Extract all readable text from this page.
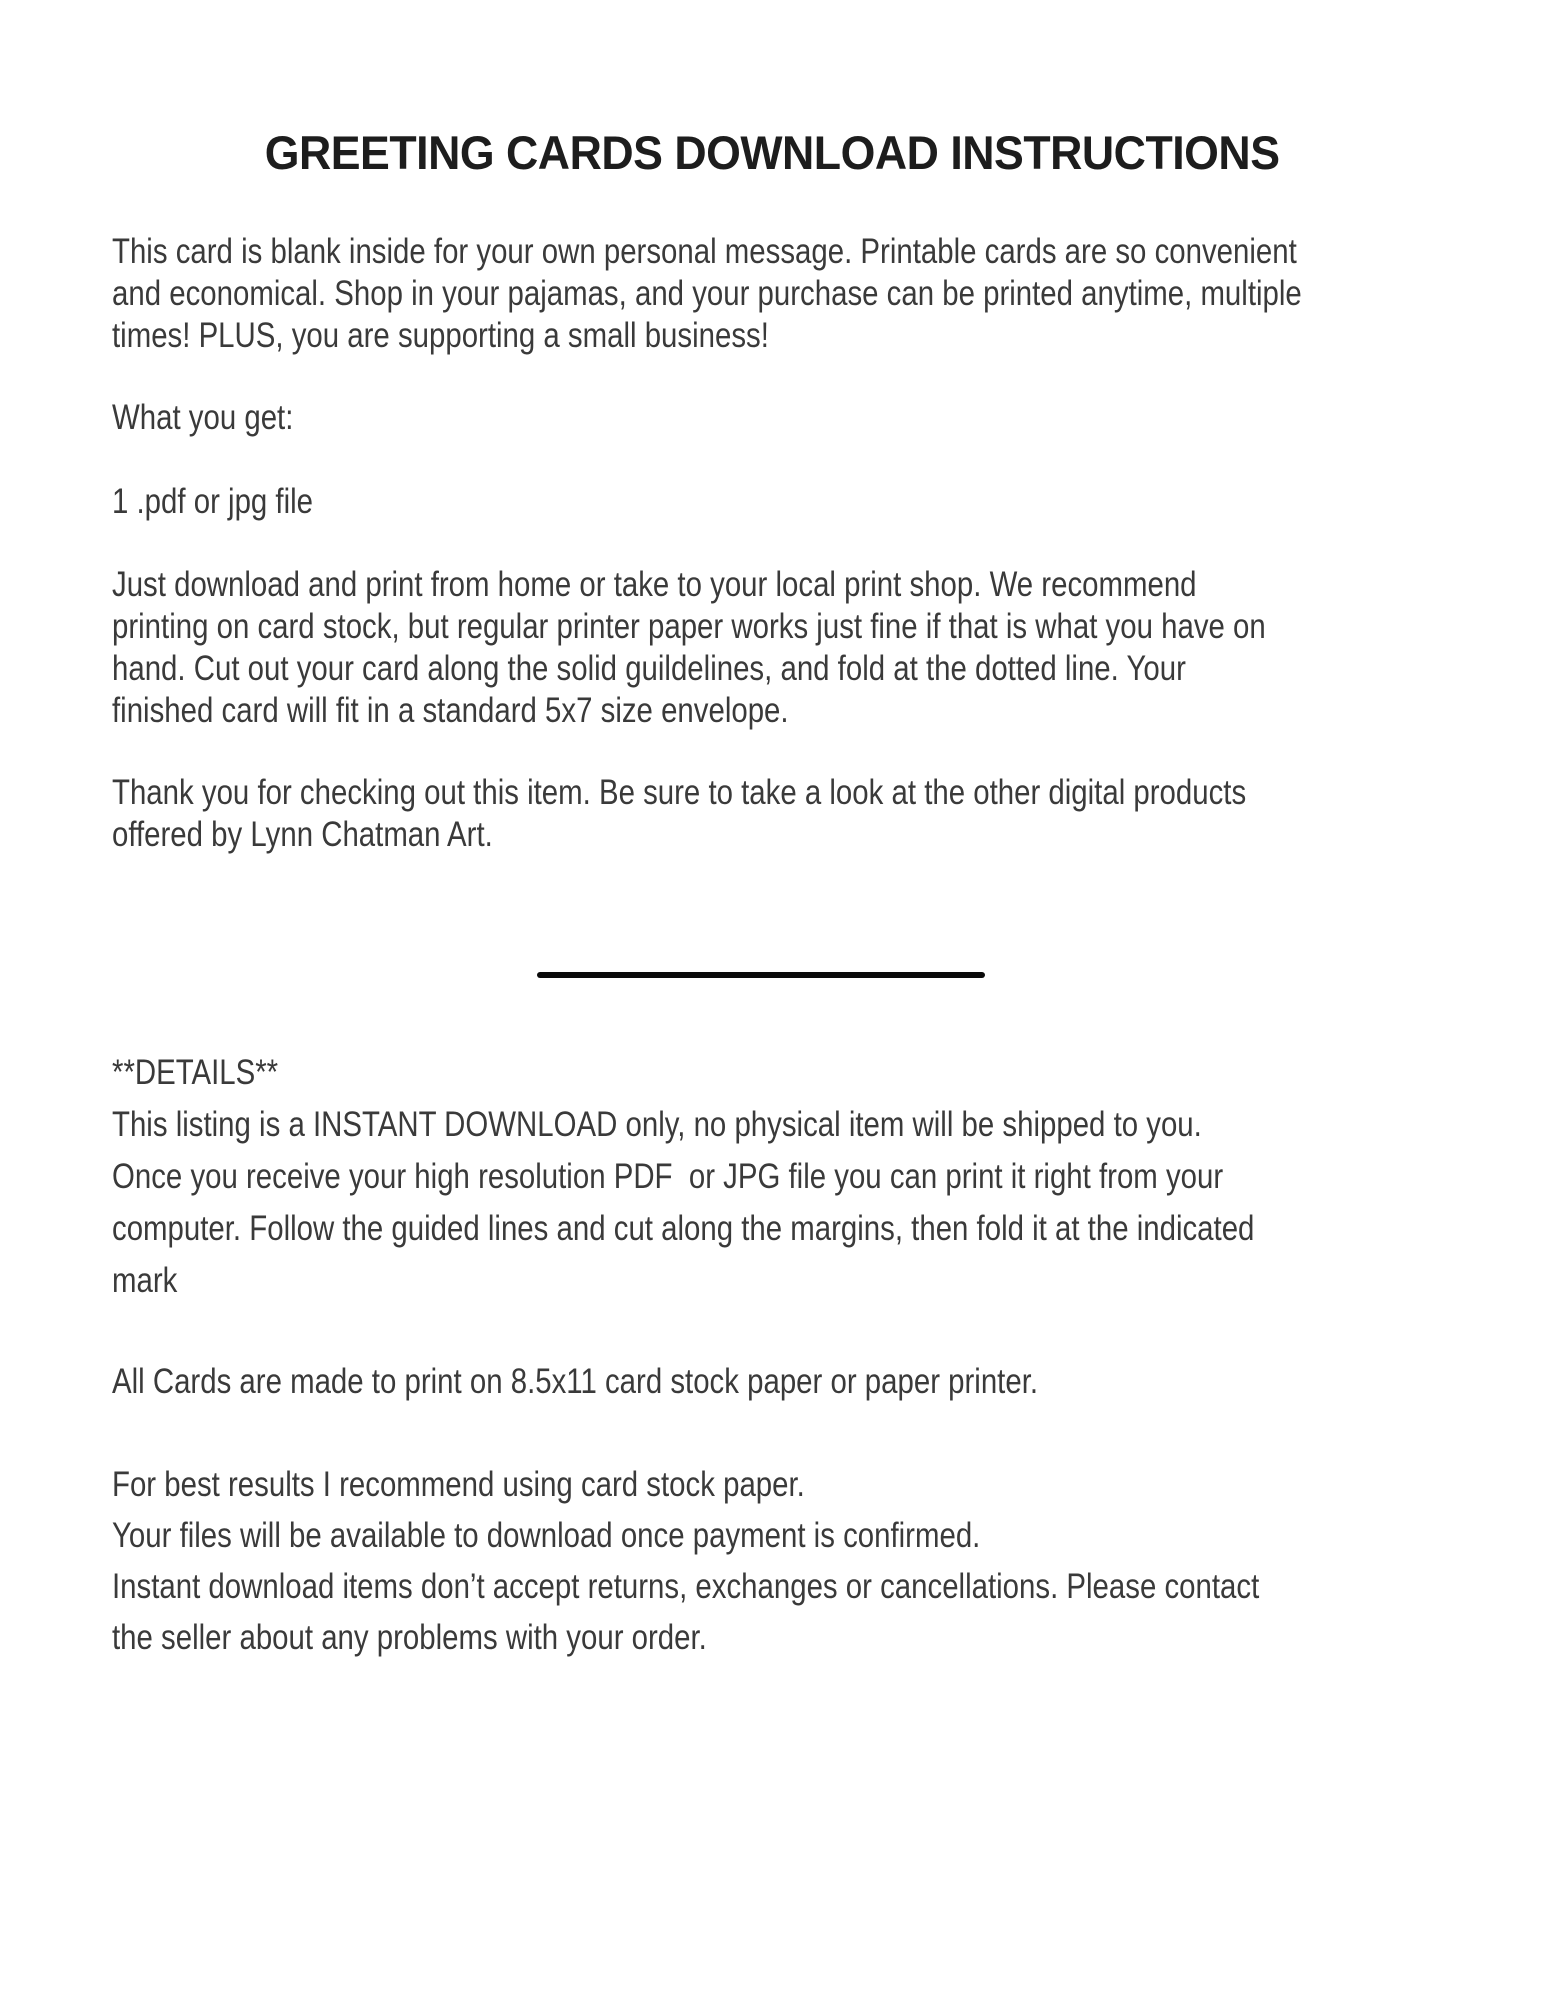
GREETING CARDS DOWNLOAD INSTRUCTIONS
This card is blank inside for your own personal message. Printable cards are so convenient
and economical. Shop in your pajamas, and your purchase can be printed anytime, multiple
times! PLUS, you are supporting a small business!
What you get:
1 .pdf or jpg file
Just download and print from home or take to your local print shop. We recommend
printing on card stock, but regular printer paper works just fine if that is what you have on
hand. Cut out your card along the solid guildelines, and fold at the dotted line. Your
finished card will fit in a standard 5x7 size envelope.
Thank you for checking out this item. Be sure to take a look at the other digital products
offered by Lynn Chatman Art.
**DETAILS**
This listing is a INSTANT DOWNLOAD only, no physical item will be shipped to you.
Once you receive your high resolution PDF  or JPG file you can print it right from your
computer. Follow the guided lines and cut along the margins, then fold it at the indicated
mark
All Cards are made to print on 8.5x11 card stock paper or paper printer.
For best results I recommend using card stock paper.
Your files will be available to download once payment is confirmed.
Instant download items don’t accept returns, exchanges or cancellations. Please contact
the seller about any problems with your order.
